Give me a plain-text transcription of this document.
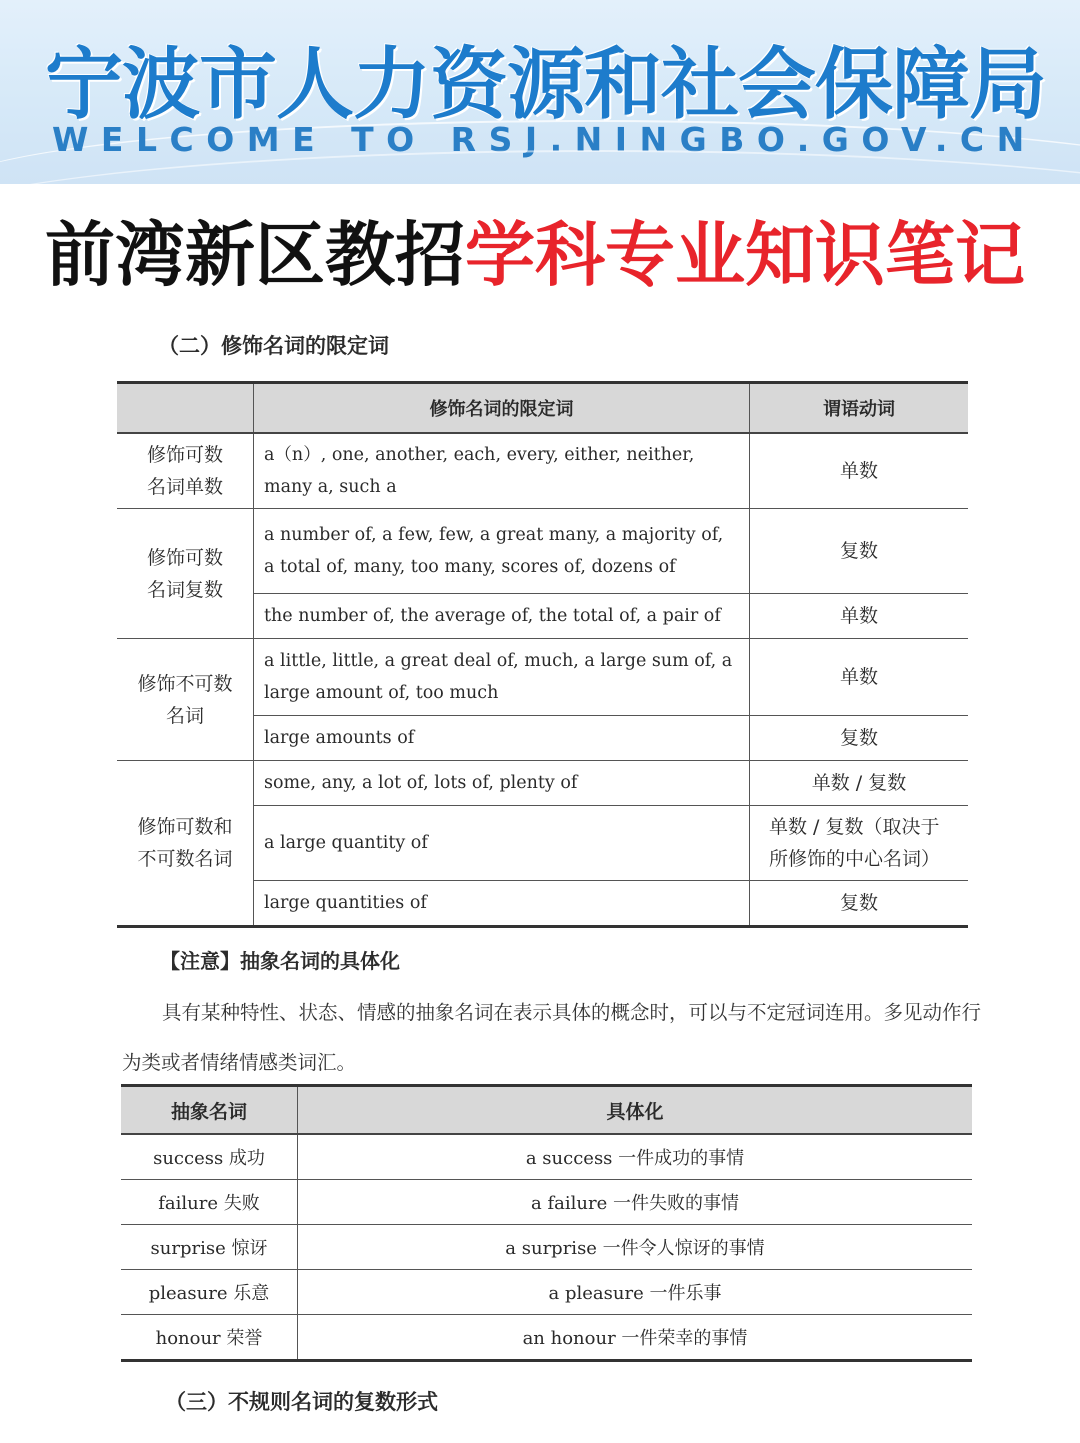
宁波市人力资源和社会保障局
WELCOME TO RSJ.NINGBO.GOV.CN
前湾新区教招学科专业知识笔记
（二）修饰名词的限定词
	修饰名词的限定词	谓语动词

修饰可数名词单数	a（n）, one, another, each, every, either, neither, many a, such a	单数

修饰可数名词复数	a number of, a few, few, a great many, a majority of, a total of, many, too many, scores of, dozens of	复数
	the number of, the average of, the total of, a pair of	单数

修饰不可数名词	a little, little, a great deal of, much, a large sum of, a large amount of, too much	单数
	large amounts of	复数

修饰可数和不可数名词	some, any, a lot of, lots of, plenty of	单数 / 复数
	a large quantity of	单数 / 复数（取决于所修饰的中心名词）

	large quantities of	复数
【注意】抽象名词的具体化
具有某种特性、状态、情感的抽象名词在表示具体的概念时，可以与不定冠词连用。多见动作行为类或者情绪情感类词汇。
抽象名词	具体化
success 成功	a success 一件成功的事情
failure 失败	a failure 一件失败的事情
surprise 惊讶	a surprise 一件令人惊讶的事情
pleasure 乐意	a pleasure 一件乐事
honour 荣誉	an honour 一件荣幸的事情
（三）不规则名词的复数形式
